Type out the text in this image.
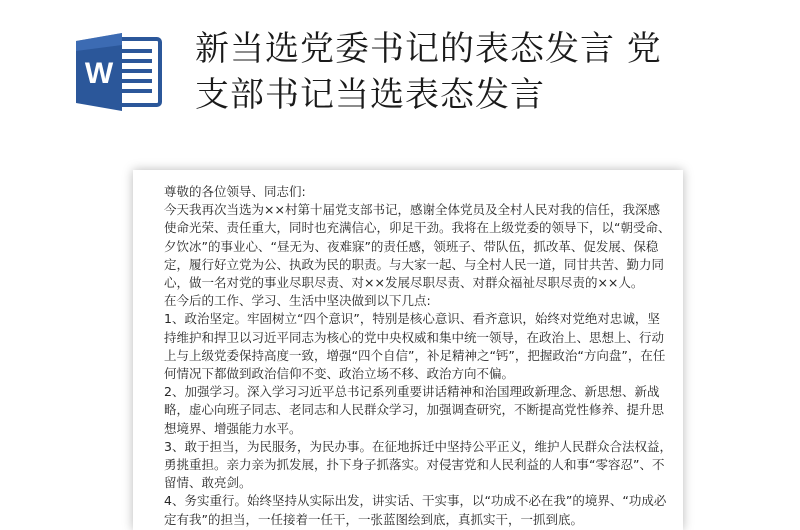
W
新当选党委书记的表态发言 党
支部书记当选表态发言

尊敬的各位领导、同志们:

今天我再次当选为××村第十届党支部书记，感谢全体党员及全村人民对我的信任，我深感使命光荣、责任重大，同时也充满信心，卯足干劲。我将在上级党委的领导下，以“朝受命、夕饮冰”的事业心、“昼无为、夜难寐”的责任感，领班子、带队伍，抓改革、促发展、保稳定，履行好立党为公、执政为民的职责。与大家一起、与全村人民一道，同甘共苦、勤力同心，做一名对党的事业尽职尽责、对××发展尽职尽责、对群众福祉尽职尽责的××人。

在今后的工作、学习、生活中坚决做到以下几点:

1、政治坚定。牢固树立“四个意识”，特别是核心意识、看齐意识，始终对党绝对忠诚，坚持维护和捍卫以习近平同志为核心的党中央权威和集中统一领导，在政治上、思想上、行动上与上级党委保持高度一致，增强“四个自信”，补足精神之“钙”，把握政治“方向盘”，在任何情况下都做到政治信仰不变、政治立场不移、政治方向不偏。

2、加强学习。深入学习习近平总书记系列重要讲话精神和治国理政新理念、新思想、新战略，虚心向班子同志、老同志和人民群众学习，加强调查研究，不断提高党性修养、提升思想境界、增强能力水平。

3、敢于担当，为民服务，为民办事。在征地拆迁中坚持公平正义，维护人民群众合法权益，勇挑重担。亲力亲为抓发展，扑下身子抓落实。对侵害党和人民利益的人和事“零容忍”、不留情、敢亮剑。

4、务实重行。始终坚持从实际出发，讲实话、干实事，以“功成不必在我”的境界、“功成必定有我”的担当，一任接着一任干，一张蓝图绘到底，真抓实干，一抓到底。
